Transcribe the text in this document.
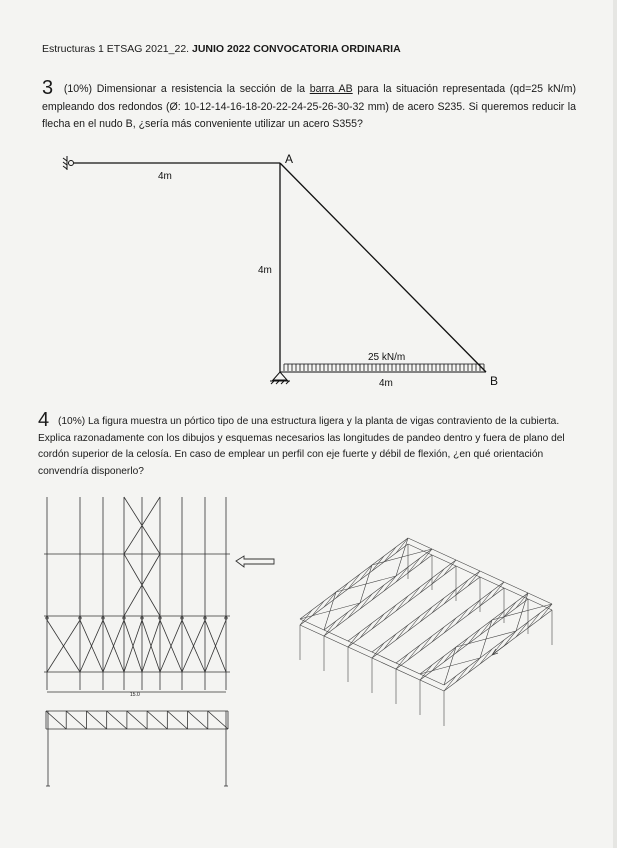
Estructuras 1 ETSAG 2021_22. JUNIO 2022 CONVOCATORIA ORDINARIA
3 (10%) Dimensionar a resistencia la sección de la barra AB para la situación representada (qd=25 kN/m) empleando dos redondos (Ø: 10-12-14-16-18-20-22-24-25-26-30-32 mm) de acero S235. Si queremos reducir la flecha en el nudo B, ¿sería más conveniente utilizar un acero S355?
A
B
4m
4m
4m
25 kN/m
4 (10%) La figura muestra un pórtico tipo de una estructura ligera y la planta de vigas contraviento de la cubierta. Explica razonadamente con los dibujos y esquemas necesarios las longitudes de pandeo dentro y fuera de plano del cordón superior de la celosía. En caso de emplear un perfil con eje fuerte y débil de flexión, ¿en qué orientación convendría disponerlo?
15.0
